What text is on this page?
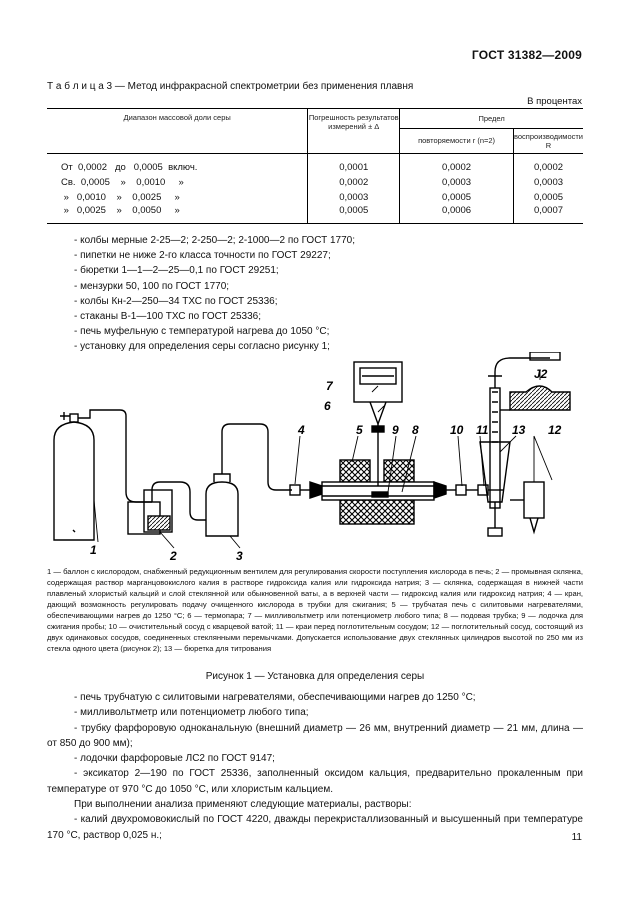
ГОСТ 31382—2009
Т а б л и ц а 3 — Метод инфракрасной спектрометрии без применения плавня
В процентах
Диапазон массовой доли серы	Погрешность результатов измерений ± Δ	Предел	
		повторяемости r (n=2)	воспроизводимости R

От  0,0002   до   0,0005  включ.	0,0001	0,0002	0,0002
Св.  0,0005    »    0,0010     »	0,0002	0,0003	0,0003
»   0,0010    »    0,0025     »	0,0003	0,0005	0,0005
»   0,0025    »    0,0050     »	0,0005	0,0006	0,0007
- колбы мерные 2-25—2; 2-250—2; 2-1000—2 по ГОСТ 1770;
- пипетки не ниже 2-го класса точности по ГОСТ 29227;
- бюретки 1—1—2—25—0,1 по ГОСТ 29251;
- мензурки 50, 100 по ГОСТ 1770;
- колбы Кн-2—250—34 ТХС по ГОСТ 25336;
- стаканы В-1—100 ТХС по ГОСТ 25336;
- печь муфельную с температурой нагрева до 1050 °С;
- установку для определения серы согласно рисунку 1;
1	2	3
4	5
6
7
8
9	10 11	12
13
J2
1 — баллон с кислородом, снабженный редукционным вентилем для регулирования скорости поступления кислорода в печь; 2 — промывная склянка, содержащая раствор марганцовокислого калия в растворе гидроксида калия или гидроксида натрия; 3 — склянка, содержащая в нижней части плавленый хлористый кальций и слой стеклянной или обыкновенной ваты, а в верхней части — гидроксид калия или гидроксид натрия; 4 — кран, дающий возможность регулировать подачу очищенного кислорода в трубки для сжигания; 5 — трубчатая печь с силитовыми нагревателями, обеспечивающими нагрев до 1250 °С; 6 — термопара; 7 — милливольтметр или потенциометр любого типа; 8 — подовая трубка; 9 — лодочка для сжигания пробы; 10 — очистительный сосуд с кварцевой ватой; 11 — краи перед поглотительным сосудом; 12 — поглотительный сосуд, состоящий из двух одинаковых сосудов, соединенных стеклянными перемычками. Допускается использование двух стеклянных цилиндров высотой по 250 мм из стекла одного цвета (рисунок 2); 13 — бюретка для титрования
Рисунок 1 — Установка для определения серы

- печь трубчатую с силитовыми нагревателями, обеспечивающими нагрев до 1250 °С;

- милливольтметр или потенциометр любого типа;

- трубку фарфоровую одноканальную (внешний диаметр — 26 мм, внутренний диаметр — 21 мм, длина — от 850 до 900 мм);

- лодочки фарфоровые ЛС2 по ГОСТ 9147;

- эксикатор 2—190 по ГОСТ 25336, заполненный оксидом кальция, предварительно прокаленным при температуре от 970 °С до 1050 °С, или хлористым кальцием.

При выполнении анализа применяют следующие материалы, растворы:

- калий двухромовокислый по ГОСТ 4220, дважды перекристаллизованный и высушенный при температуре 170 °С, раствор 0,025 н.;	11
